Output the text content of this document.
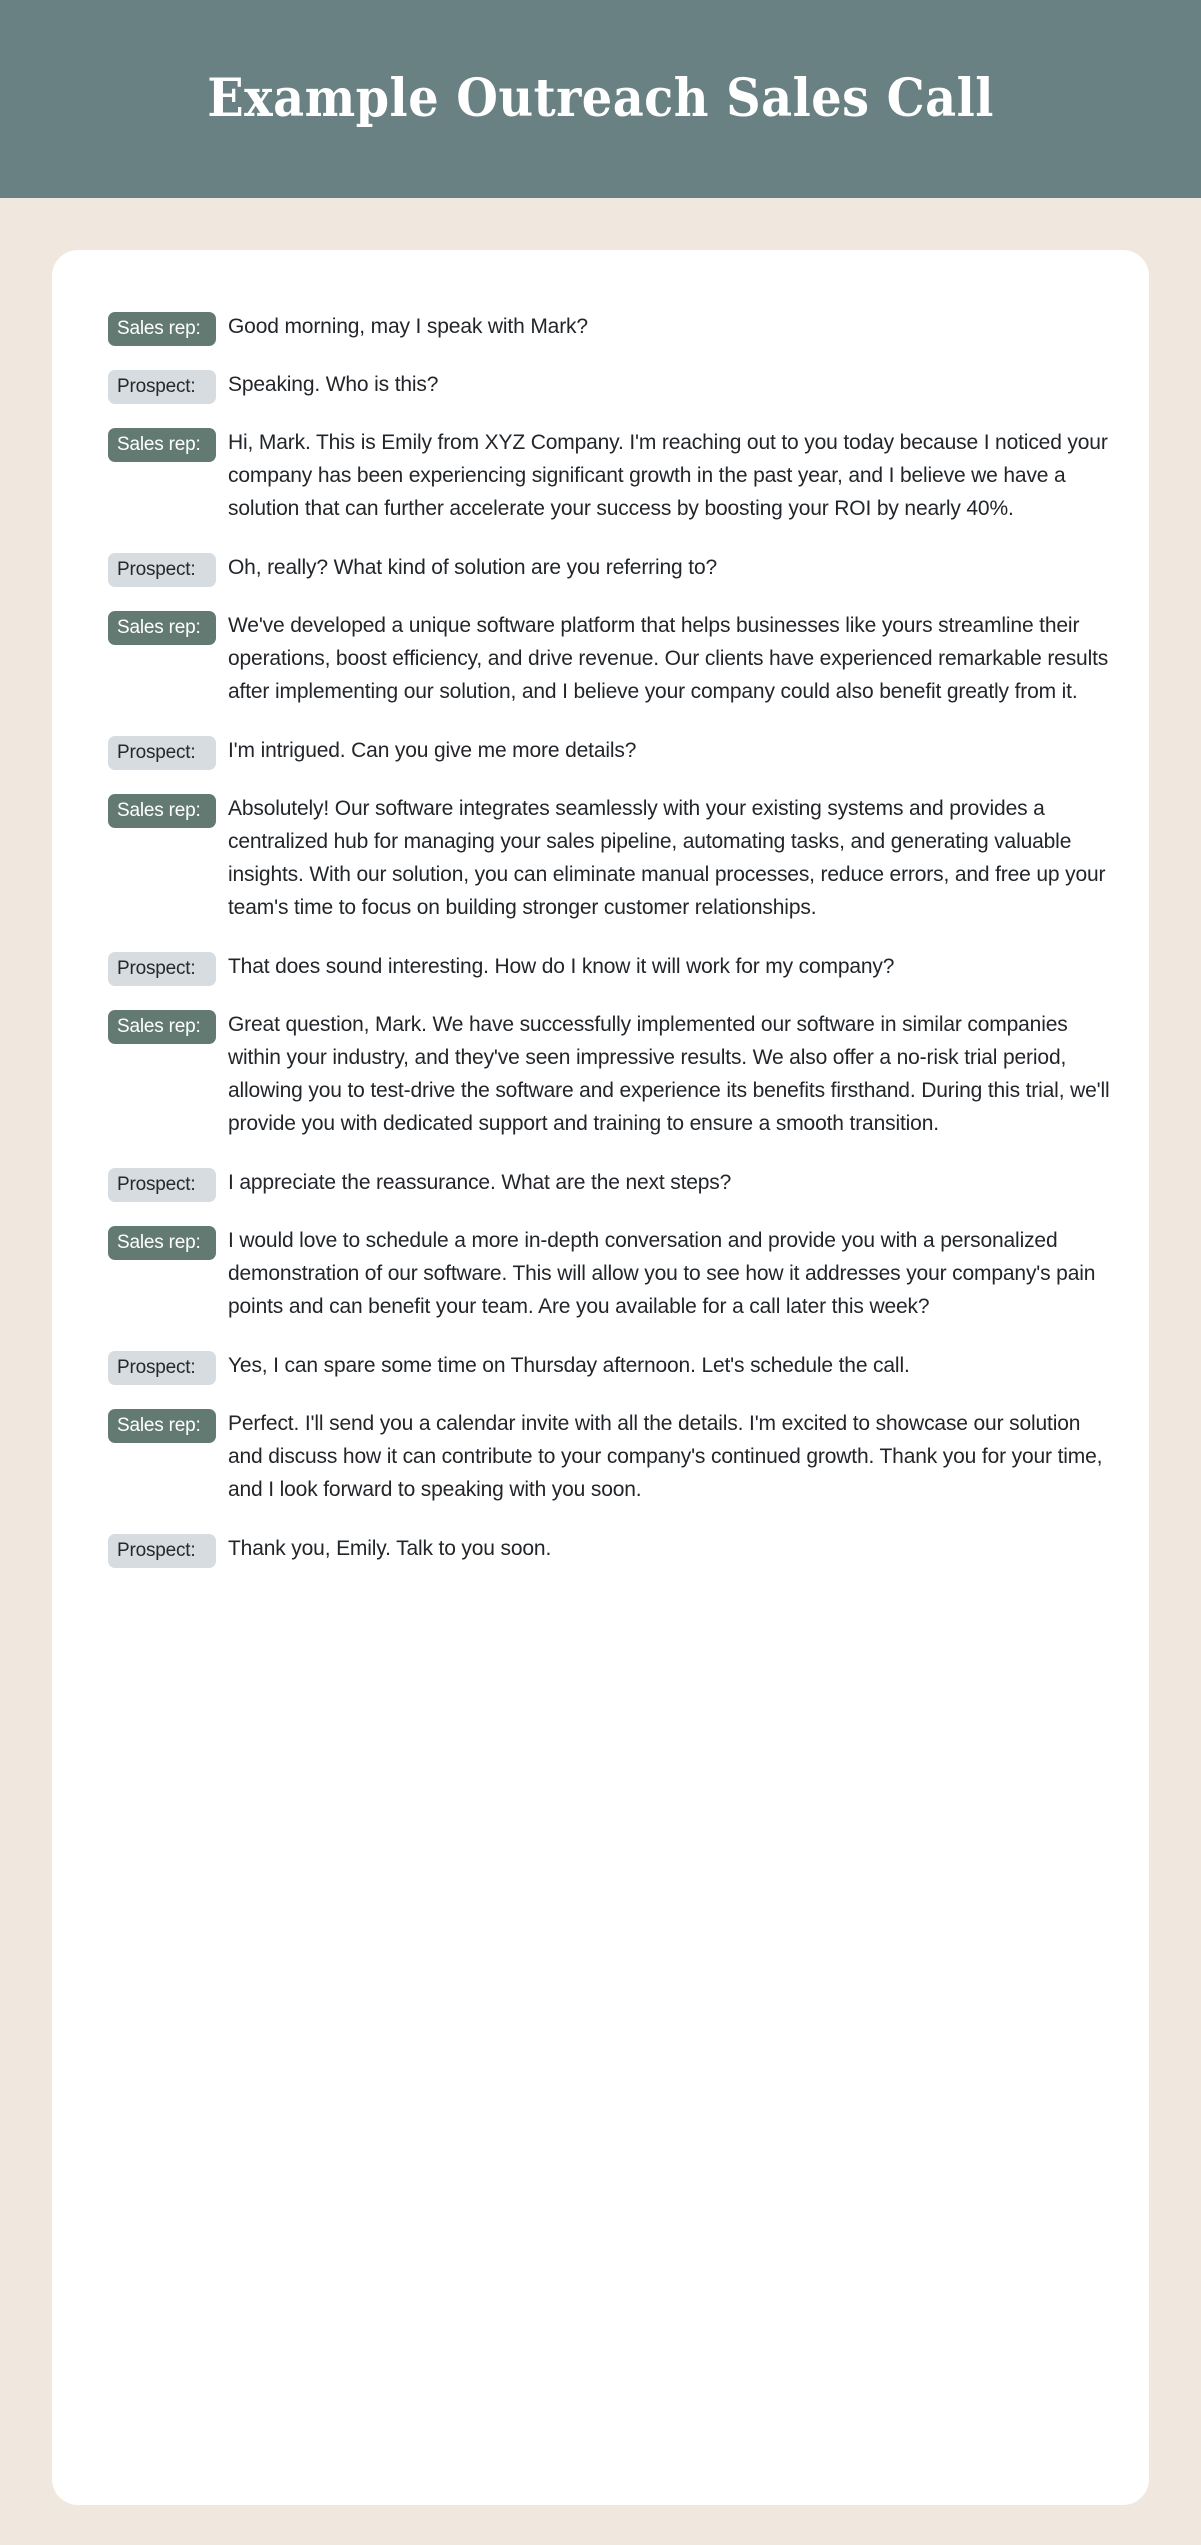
Example Outreach Sales Call
Sales rep:	Good morning, may I speak with Mark?
Prospect:	Speaking. Who is this?
Sales rep:	Hi, Mark. This is Emily from XYZ Company. I'm reaching out to you today because I noticed your company has been experiencing significant growth in the past year, and I believe we have a solution that can further accelerate your success by boosting your ROI by nearly 40%.
Prospect:	Oh, really? What kind of solution are you referring to?
Sales rep:	We've developed a unique software platform that helps businesses like yours streamline their operations, boost efficiency, and drive revenue. Our clients have experienced remarkable results after implementing our solution, and I believe your company could also benefit greatly from it.
Prospect:	I'm intrigued. Can you give me more details?
Sales rep:	Absolutely! Our software integrates seamlessly with your existing systems and provides a centralized hub for managing your sales pipeline, automating tasks, and generating valuable insights. With our solution, you can eliminate manual processes, reduce errors, and free up your team's time to focus on building stronger customer relationships.
Prospect:	That does sound interesting. How do I know it will work for my company?
Sales rep:	Great question, Mark. We have successfully implemented our software in similar companies within your industry, and they've seen impressive results. We also offer a no-risk trial period, allowing you to test-drive the software and experience its benefits firsthand. During this trial, we'll provide you with dedicated support and training to ensure a smooth transition.
Prospect:	I appreciate the reassurance. What are the next steps?
Sales rep:	I would love to schedule a more in-depth conversation and provide you with a personalized demonstration of our software. This will allow you to see how it addresses your company's pain points and can benefit your team. Are you available for a call later this week?
Prospect:	Yes, I can spare some time on Thursday afternoon. Let's schedule the call.
Sales rep:	Perfect. I'll send you a calendar invite with all the details. I'm excited to showcase our solution and discuss how it can contribute to your company's continued growth. Thank you for your time, and I look forward to speaking with you soon.
Prospect:	Thank you, Emily. Talk to you soon.
